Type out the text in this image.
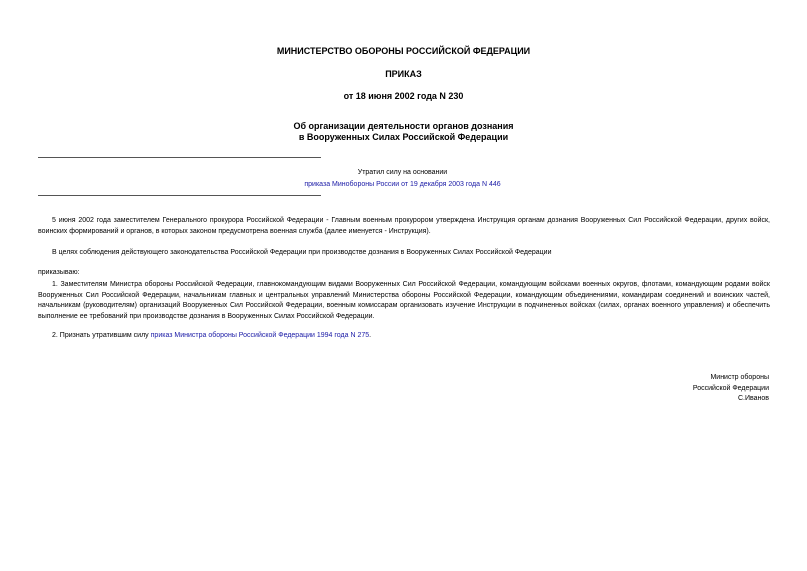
МИНИСТЕРСТВО ОБОРОНЫ РОССИЙСКОЙ ФЕДЕРАЦИИ
ПРИКАЗ
от 18 июня 2002 года N 230
Об организации деятельности органов дознания
в Вооруженных Силах Российской Федерации
Утратил силу на основании
приказа Минобороны России от 19 декабря 2003 года N 446
5 июня 2002 года заместителем Генерального прокурора Российской Федерации - Главным военным прокурором утверждена Инструкция органам дознания Вооруженных Сил Российской Федерации, других войск, воинских формирований и органов, в которых законом предусмотрена военная служба (далее именуется - Инструкция).
В целях соблюдения действующего законодательства Российской Федерации при производстве дознания в Вооруженных Силах Российской Федерации
приказываю:
1. Заместителям Министра обороны Российской Федерации, главнокомандующим видами Вооруженных Сил Российской Федерации, командующим войсками военных округов, флотами, командующим родами войск Вооруженных Сил Российской Федерации, начальникам главных и центральных управлений Министерства обороны Российской Федерации, командующим объединениями, командирам соединений и воинских частей, начальникам (руководителям) организаций Вооруженных Сил Российской Федерации, военным комиссарам организовать изучение Инструкции в подчиненных войсках (силах, органах военного управления) и обеспечить выполнение ее требований при производстве дознания в Вооруженных Силах Российской Федерации.
2. Признать утратившим силу приказ Министра обороны Российской Федерации 1994 года N 275.
Министр обороны
Российской Федерации
С.Иванов
